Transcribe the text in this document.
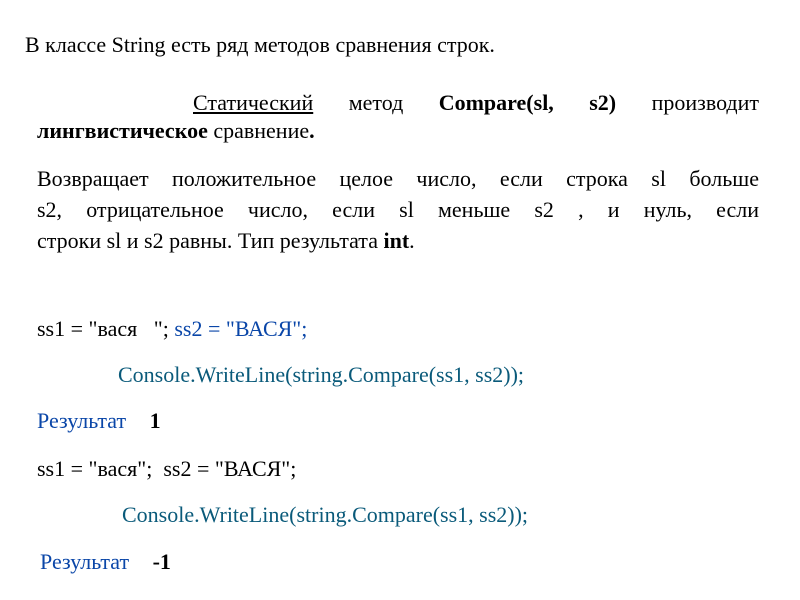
В классе String есть ряд методов сравнения строк.
Статический метод Compare(sl, s2) производит
лингвистическое сравнение.
Возвращает положительное целое число, если строка sl больше
s2, отрицательное число, если sl меньше s2 , и нуль, если
строки sl и s2 равны. Тип результата int.
ss1 = "вася   "; ss2 = "ВАСЯ";
Console.WriteLine(string.Compare(ss1, ss2));
Результат 1
ss1 = "вася";  ss2 = "ВАСЯ";
Console.WriteLine(string.Compare(ss1, ss2));
Результат -1
